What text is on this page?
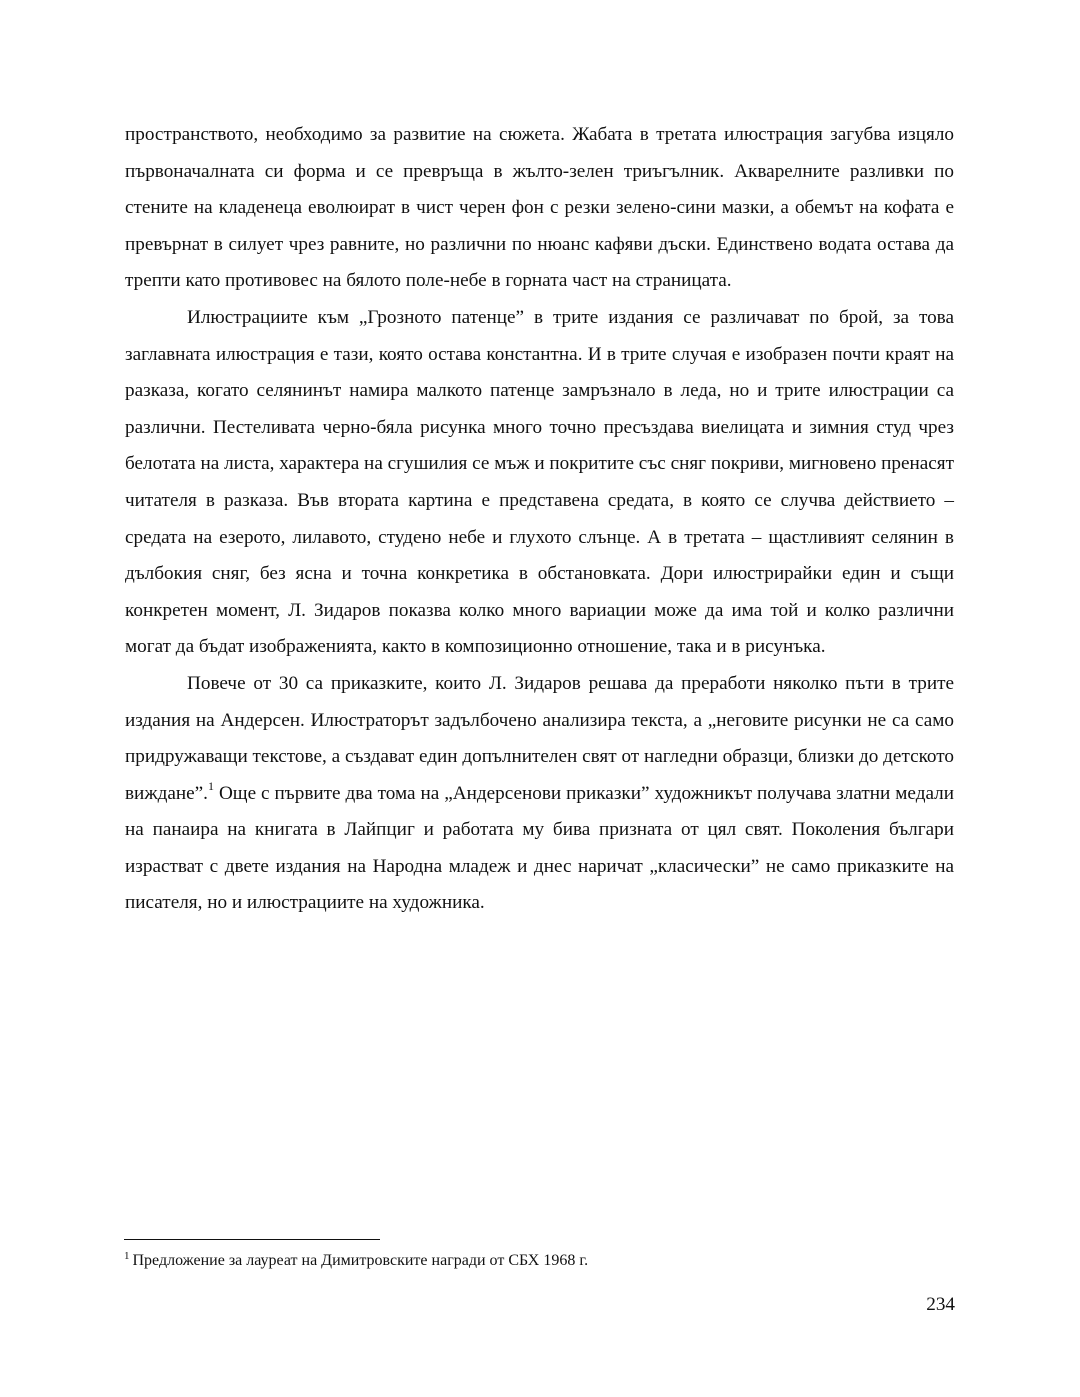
пространството, необходимо за развитие на сюжета. Жабата в третата илюстрация загубва изцяло първоначалната си форма и се превръща в жълто-зелен триъгълник. Акварелните разливки по стените на кладенеца еволюират в чист черен фон с резки зелено-сини мазки, а обемът на кофата е превърнат в силует чрез равните, но различни по нюанс кафяви дъски. Единствено водата остава да трепти като противовес на бялото поле-небе в горната част на страницата.

Илюстрациите към „Грозното патенце” в трите издания се различават по брой, за това заглавната илюстрация е тази, която остава константна. И в трите случая е изобразен почти краят на разказа, когато селянинът намира малкото патенце замръзнало в леда, но и трите илюстрации са различни. Пестеливата черно-бяла рисунка много точно пресъздава виелицата и зимния студ чрез белотата на листа, характера на сгушилия се мъж и покритите със сняг покриви, мигновено пренасят читателя в разказа. Във втората картина е представена средата, в която се случва действието – средата на езерото, лилавото, студено небе и глухото слънце. А в третата – щастливият селянин в дълбокия сняг, без ясна и точна конкретика в обстановката. Дори илюстрирайки един и същи конкретен момент, Л. Зидаров показва колко много вариации може да има той и колко различни могат да бъдат изображенията, както в композиционно отношение, така и в рисунъка.

Повече от 30 са приказките, които Л. Зидаров решава да преработи няколко пъти в трите издания на Андерсен. Илюстраторът задълбочено анализира текста, а „неговите рисунки не са само придружаващи текстове, а създават един допълнителен свят от нагледни образци, близки до детското виждане”.$^1$ Още с първите два тома на „Андерсенови приказки” художникът получава златни медали на панаира на книгата в Лайпциг и работата му бива призната от цял свят. Поколения българи израстват с двете издания на Народна младеж и днес наричат „класически” не само приказките на писателя, но и илюстрациите на художника.

$^1$ Предложение за лауреат на Димитровските награди от СБХ 1968 г.
234
